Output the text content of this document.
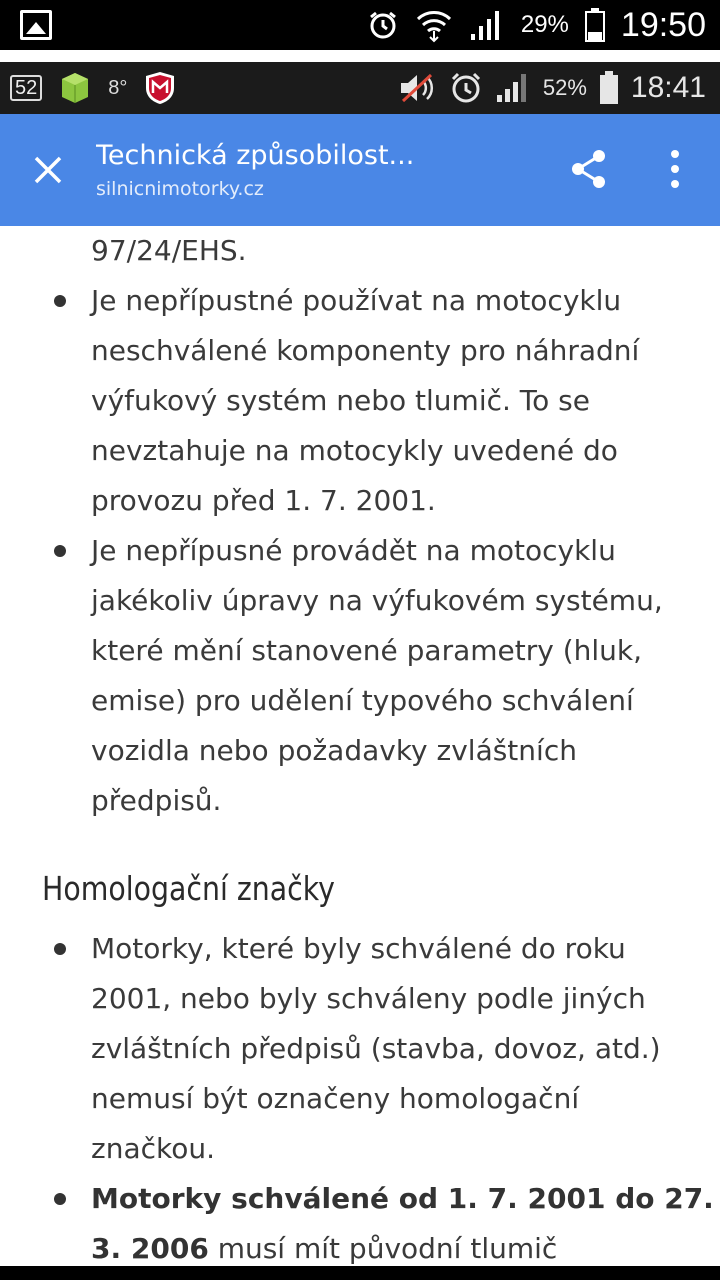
29% 19:50
52	8°	52% 18:41
Technická způsobilost...
silnicnimotorky.cz
97/24/EHS.
Je nepřípustné používat na motocyklu
neschválené komponenty pro náhradní
výfukový systém nebo tlumič. To se
nevztahuje na motocykly uvedené do
provozu před 1. 7. 2001.
Je nepřípusné provádět na motocyklu
jakékoliv úpravy na výfukovém systému,
které mění stanovené parametry (hluk,
emise) pro udělení typového schválení
vozidla nebo požadavky zvláštních
předpisů.
Homologační značky
Motorky, které byly schválené do roku
2001, nebo byly schváleny podle jiných
zvláštních předpisů (stavba, dovoz, atd.)
nemusí být označeny homologační
značkou.
Motorky schválené od 1. 7. 2001 do 27.
3. 2006 musí mít původní tlumič
